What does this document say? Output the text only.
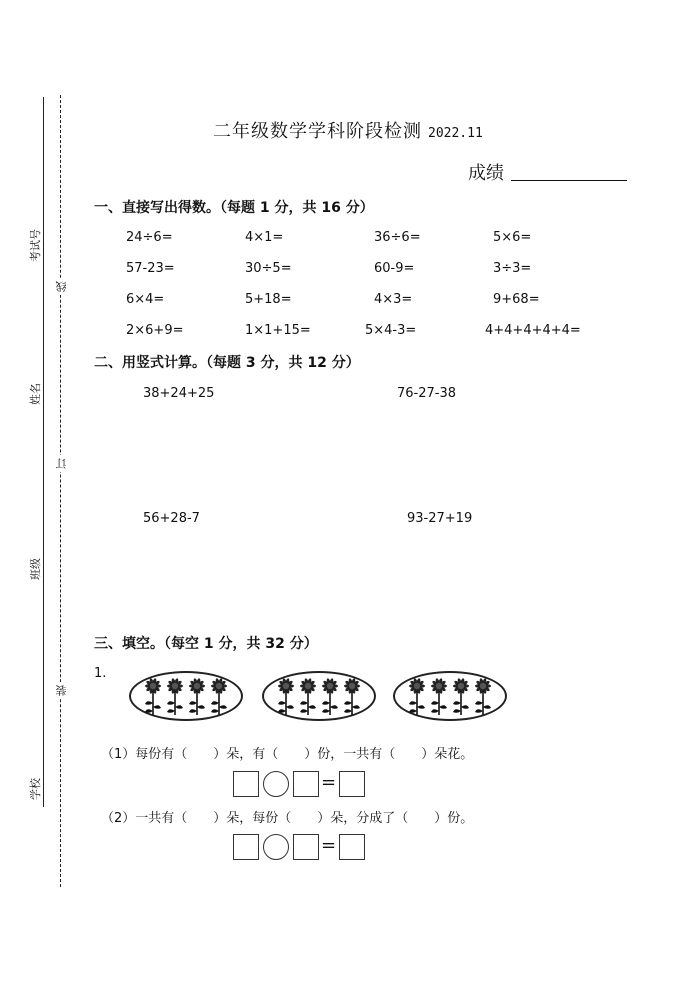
考试号
姓名
班级
学校
线
订
装
二年级数学学科阶段检测 2022.11
成绩
一、直接写出得数。（每题 1 分，共 16 分）
24÷6=	4×1=	36÷6=	5×6=
57-23=	30÷5=	60-9=	3÷3=
6×4=	5+18=	4×3=	9+68=
2×6+9=	1×1+15=	5×4-3=	4+4+4+4+4=
二、用竖式计算。（每题 3 分，共 12 分）
38+24+25	76-27-38
56+28-7	93-27+19
三、填空。（每空 1 分，共 32 分）
1.
（1）每份有（　　）朵，有（　　）份，一共有（　　）朵花。
=
（2）一共有（　　）朵，每份（　　）朵，分成了（　　）份。
=
